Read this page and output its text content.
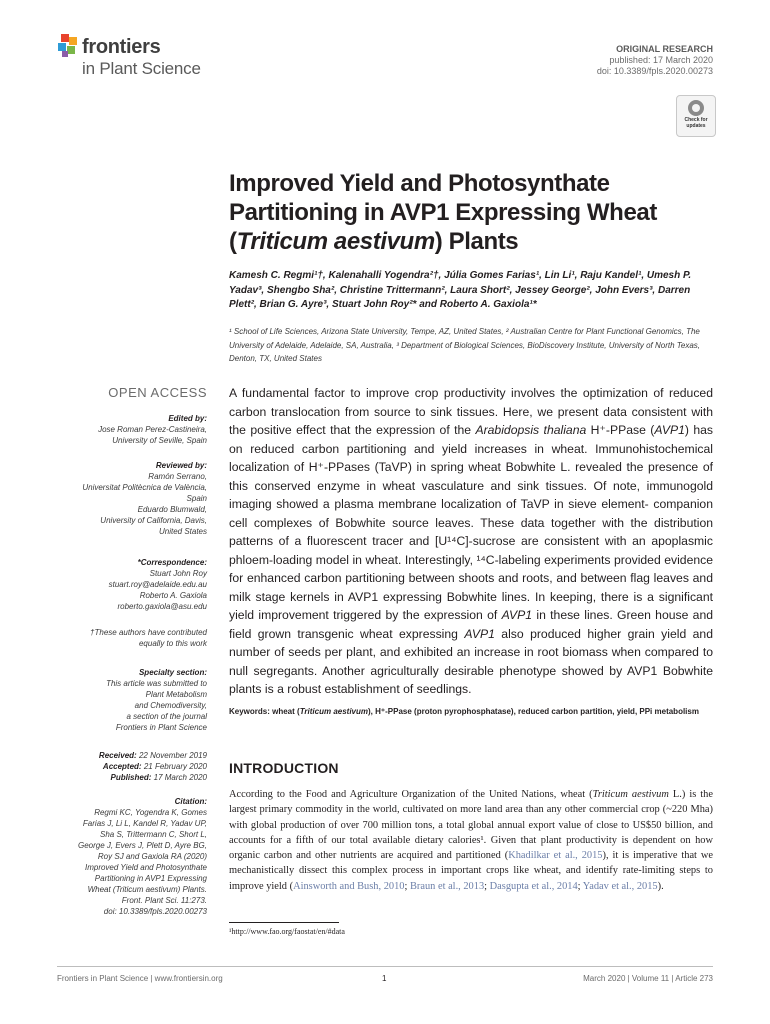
frontiers
in Plant Science
ORIGINAL RESEARCH
published: 17 March 2020
doi: 10.3389/fpls.2020.00273
Check for
updates
Improved Yield and Photosynthate Partitioning in AVP1 Expressing Wheat (Triticum aestivum) Plants
Kamesh C. Regmi¹†, Kalenahalli Yogendra²†, Júlia Gomes Farias¹, Lin Li¹, Raju Kandel¹, Umesh P. Yadav³, Shengbo Sha², Christine Trittermann², Laura Short², Jessey George², John Evers³, Darren Plett², Brian G. Ayre³, Stuart John Roy²* and Roberto A. Gaxiola¹*
¹ School of Life Sciences, Arizona State University, Tempe, AZ, United States, ² Australian Centre for Plant Functional Genomics, The University of Adelaide, Adelaide, SA, Australia, ³ Department of Biological Sciences, BioDiscovery Institute, University of North Texas, Denton, TX, United States
OPEN ACCESS
Edited by:
Jose Roman Perez-Castineira,
University of Seville, Spain
Reviewed by:
Ramón Serrano,
Universitat Politècnica de València,
Spain
Eduardo Blumwald,
University of California, Davis,
United States
*Correspondence:
Stuart John Roy
stuart.roy@adelaide.edu.au
Roberto A. Gaxiola
roberto.gaxiola@asu.edu
†These authors have contributed
equally to this work
Specialty section:
This article was submitted to
Plant Metabolism
and Chemodiversity,
a section of the journal
Frontiers in Plant Science
Received: 22 November 2019
Accepted: 21 February 2020
Published: 17 March 2020
Citation:
Regmi KC, Yogendra K, Gomes
Farias J, Li L, Kandel R, Yadav UP,
Sha S, Trittermann C, Short L,
George J, Evers J, Plett D, Ayre BG,
Roy SJ and Gaxiola RA (2020)
Improved Yield and Photosynthate
Partitioning in AVP1 Expressing
Wheat (Triticum aestivum) Plants.
Front. Plant Sci. 11:273.
doi: 10.3389/fpls.2020.00273
A fundamental factor to improve crop productivity involves the optimization of reduced carbon translocation from source to sink tissues. Here, we present data consistent with the positive effect that the expression of the Arabidopsis thaliana H⁺-PPase (AVP1) has on reduced carbon partitioning and yield increases in wheat. Immunohistochemical localization of H⁺-PPases (TaVP) in spring wheat Bobwhite L. revealed the presence of this conserved enzyme in wheat vasculature and sink tissues. Of note, immunogold imaging showed a plasma membrane localization of TaVP in sieve element- companion cell complexes of Bobwhite source leaves. These data together with the distribution patterns of a fluorescent tracer and [U¹⁴C]-sucrose are consistent with an apoplasmic phloem-loading model in wheat. Interestingly, ¹⁴C-labeling experiments provided evidence for enhanced carbon partitioning between shoots and roots, and between flag leaves and milk stage kernels in AVP1 expressing Bobwhite lines. In keeping, there is a significant yield improvement triggered by the expression of AVP1 in these lines. Green house and field grown transgenic wheat expressing AVP1 also produced higher grain yield and number of seeds per plant, and exhibited an increase in root biomass when compared to null segregants. Another agriculturally desirable phenotype showed by AVP1 Bobwhite plants is a robust establishment of seedlings.
Keywords: wheat (Triticum aestivum), H⁺-PPase (proton pyrophosphatase), reduced carbon partition, yield, PPi metabolism
INTRODUCTION
According to the Food and Agriculture Organization of the United Nations, wheat (Triticum aestivum L.) is the largest primary commodity in the world, cultivated on more land area than any other commercial crop (~220 Mha) with global production of over 700 million tons, a total global annual export value of close to US$50 billion, and accounts for a fifth of our total available dietary calories¹. Given that plant productivity is dependent on how organic carbon and other nutrients are acquired and partitioned (Khadilkar et al., 2015), it is imperative that we mechanistically dissect this complex process in important crops like wheat, and identify rate-limiting steps to improve yield (Ainsworth and Bush, 2010; Braun et al., 2013; Dasgupta et al., 2014; Yadav et al., 2015).
¹http://www.fao.org/faostat/en/#data
Frontiers in Plant Science | www.frontiersin.org	1	March 2020 | Volume 11 | Article 273
